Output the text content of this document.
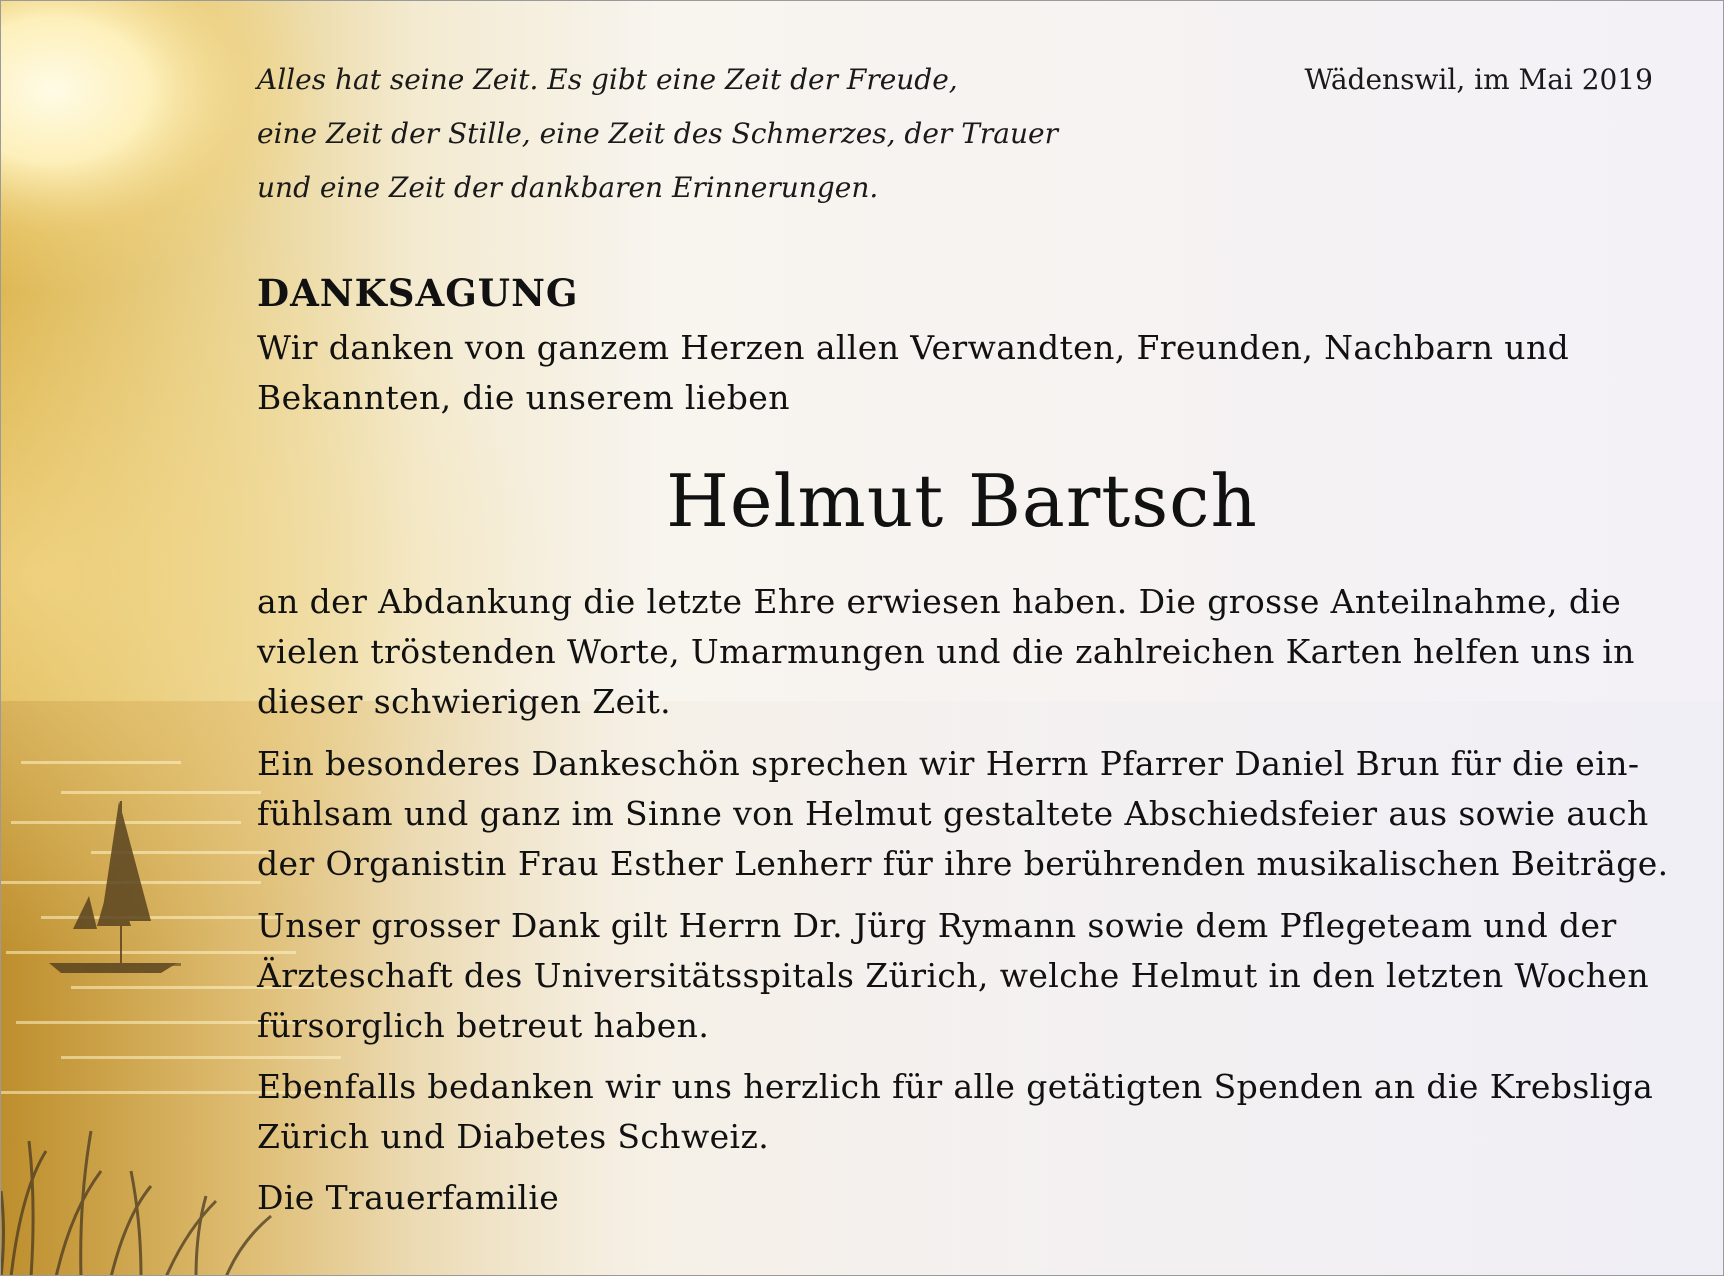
Alles hat seine Zeit. Es gibt eine Zeit der Freude,
eine Zeit der Stille, eine Zeit des Schmerzes, der Trauer
und eine Zeit der dankbaren Erinnerungen.

Wädenswil, im Mai 2019

DANKSAGUNG

Wir danken von ganzem Herzen allen Verwandten, Freunden, Nachbarn und
Bekannten, die unserem lieben
Helmut Bartsch
an der Abdankung die letzte Ehre erwiesen haben. Die grosse Anteilnahme, die
vielen tröstenden Worte, Umarmungen und die zahlreichen Karten helfen uns in
dieser schwierigen Zeit.
Ein besonderes Dankeschön sprechen wir Herrn Pfarrer Daniel Brun für die ein-
fühlsam und ganz im Sinne von Helmut gestaltete Abschiedsfeier aus sowie auch
der Organistin Frau Esther Lenherr für ihre berührenden musikalischen Beiträge.
Unser grosser Dank gilt Herrn Dr. Jürg Rymann sowie dem Pflegeteam und der
Ärzteschaft des Universitätsspitals Zürich, welche Helmut in den letzten Wochen
fürsorglich betreut haben.
Ebenfalls bedanken wir uns herzlich für alle getätigten Spenden an die Krebsliga
Zürich und Diabetes Schweiz.
Die Trauerfamilie
